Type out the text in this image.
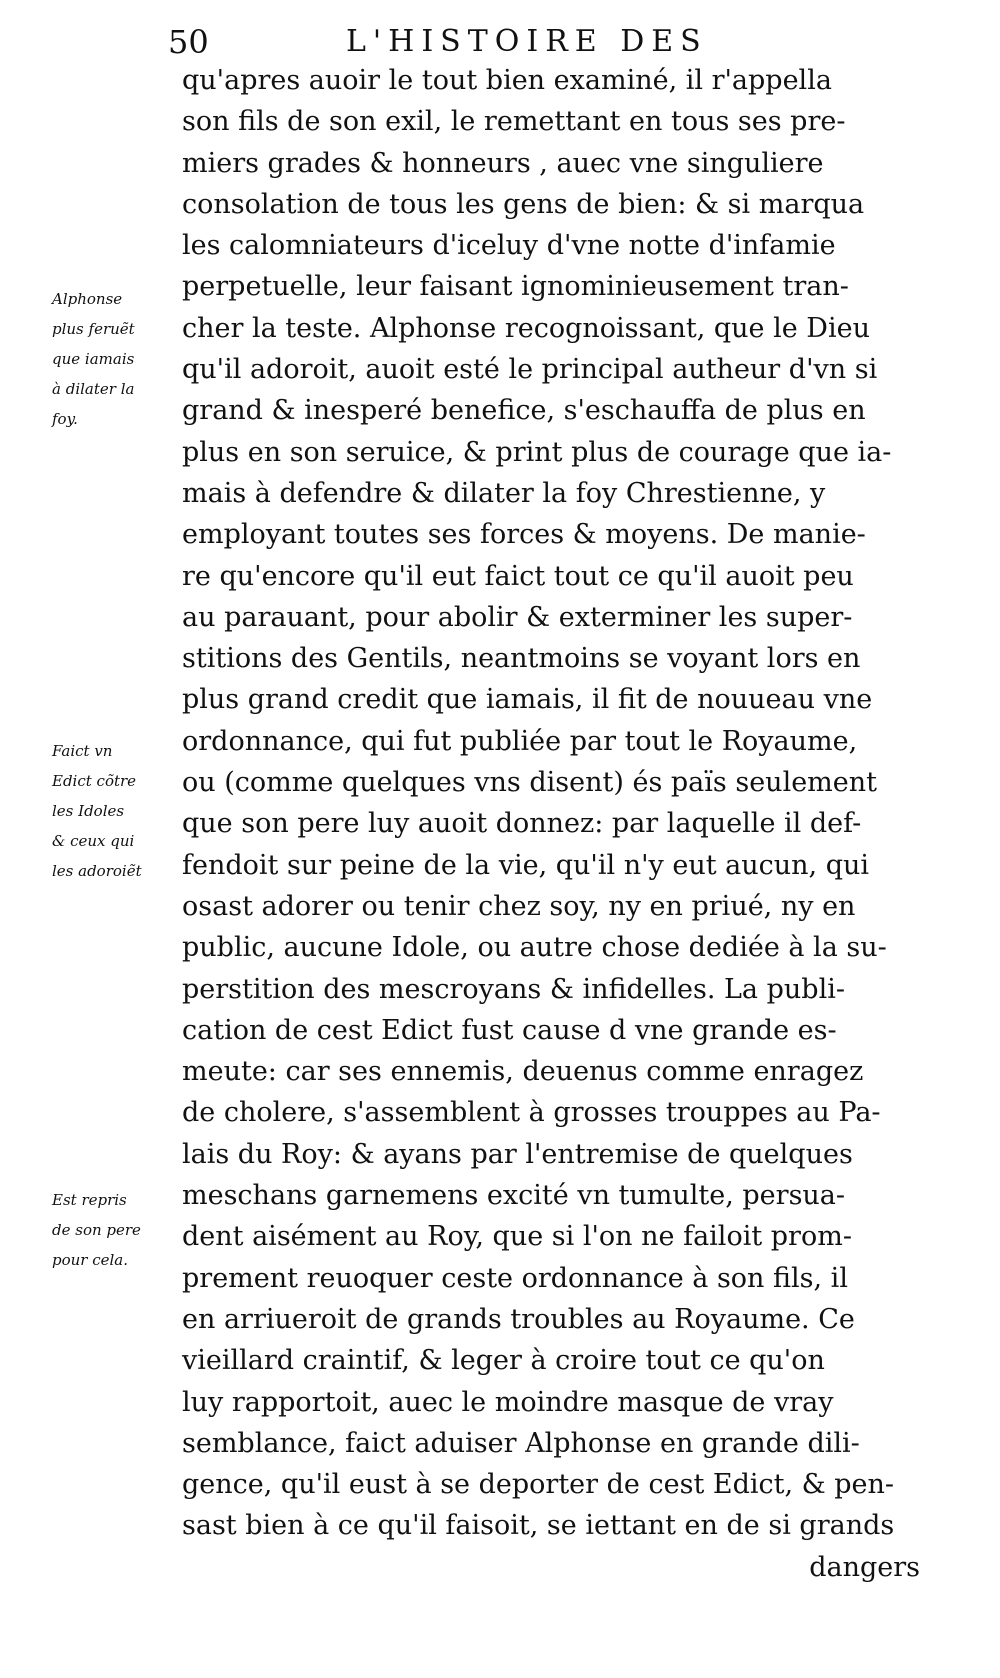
50	L'HISTOIRE DES
Alphonse
plus feruẽt
que iamais
à dilater la
foy.
Faict vn
Edict cõtre
les Idoles
& ceux qui
les adoroiẽt
Est repris
de son pere
pour cela.
qu'apres auoir le tout bien examiné, il r'appella
son fils de son exil, le remettant en tous ses pre-
miers grades & honneurs , auec vne singuliere
consolation de tous les gens de bien: & si marqua
les calomniateurs d'iceluy d'vne notte d'infamie
perpetuelle, leur faisant ignominieusement tran-
cher la teste. Alphonse recognoissant, que le Dieu
qu'il adoroit, auoit esté le principal autheur d'vn si
grand & inesperé benefice, s'eschauffa de plus en
plus en son seruice, & print plus de courage que ia-
mais à defendre & dilater la foy Chrestienne, y
employant toutes ses forces & moyens. De manie-
re qu'encore qu'il eut faict tout ce qu'il auoit peu
au parauant, pour abolir & exterminer les super-
stitions des Gentils, neantmoins se voyant lors en
plus grand credit que iamais, il fit de nouueau vne
ordonnance, qui fut publiée par tout le Royaume,
ou (comme quelques vns disent) és païs seulement
que son pere luy auoit donnez: par laquelle il def-
fendoit sur peine de la vie, qu'il n'y eut aucun, qui
osast adorer ou tenir chez soy, ny en priué, ny en
public, aucune Idole, ou autre chose dediée à la su-
perstition des mescroyans & infidelles. La publi-
cation de cest Edict fust cause d vne grande es-
meute: car ses ennemis, deuenus comme enragez
de cholere, s'assemblent à grosses trouppes au Pa-
lais du Roy: & ayans par l'entremise de quelques
meschans garnemens excité vn tumulte, persua-
dent aisément au Roy, que si l'on ne failoit prom-
prement reuoquer ceste ordonnance à son fils, il
en arriueroit de grands troubles au Royaume. Ce
vieillard craintif, & leger à croire tout ce qu'on
luy rapportoit, auec le moindre masque de vray
semblance, faict aduiser Alphonse en grande dili-
gence, qu'il eust à se deporter de cest Edict, & pen-
sast bien à ce qu'il faisoit, se iettant en de si grands
dangers
